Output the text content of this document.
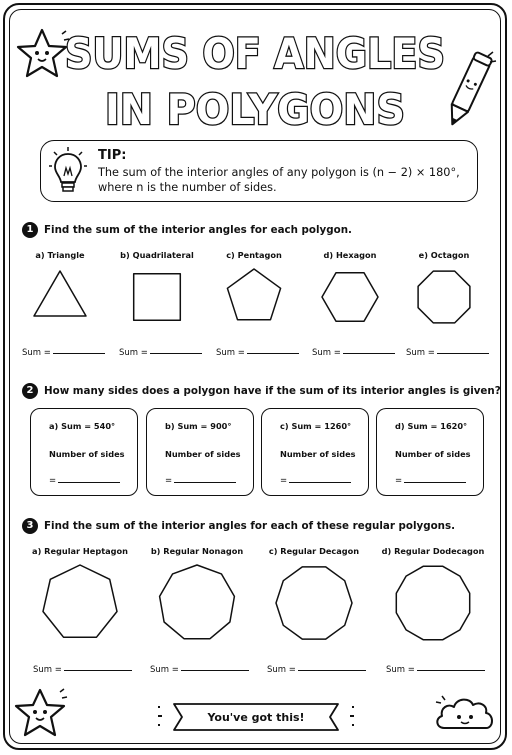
SUMS OF ANGLES
IN POLYGONS
TIP:
The sum of the interior angles of any polygon is (n − 2) × 180°, where n is the number of sides.
1	Find the sum of the interior angles for each polygon.
2	How many sides does a polygon have if the sum of its interior angles is given?
3	Find the sum of the interior angles for each of these regular polygons.
You've got this!
a) Triangle
Sum =
b) Quadrilateral
Sum =
c) Pentagon
Sum =
d) Hexagon
Sum =
e) Octagon
Sum =
a) Sum = 540°
Number of sides
=
b) Sum = 900°
Number of sides
=
c) Sum = 1260°
Number of sides
=
d) Sum = 1620°
Number of sides
=
a) Regular Heptagon
Sum =
b) Regular Nonagon
Sum =
c) Regular Decagon
Sum =
d) Regular Dodecagon
Sum =
